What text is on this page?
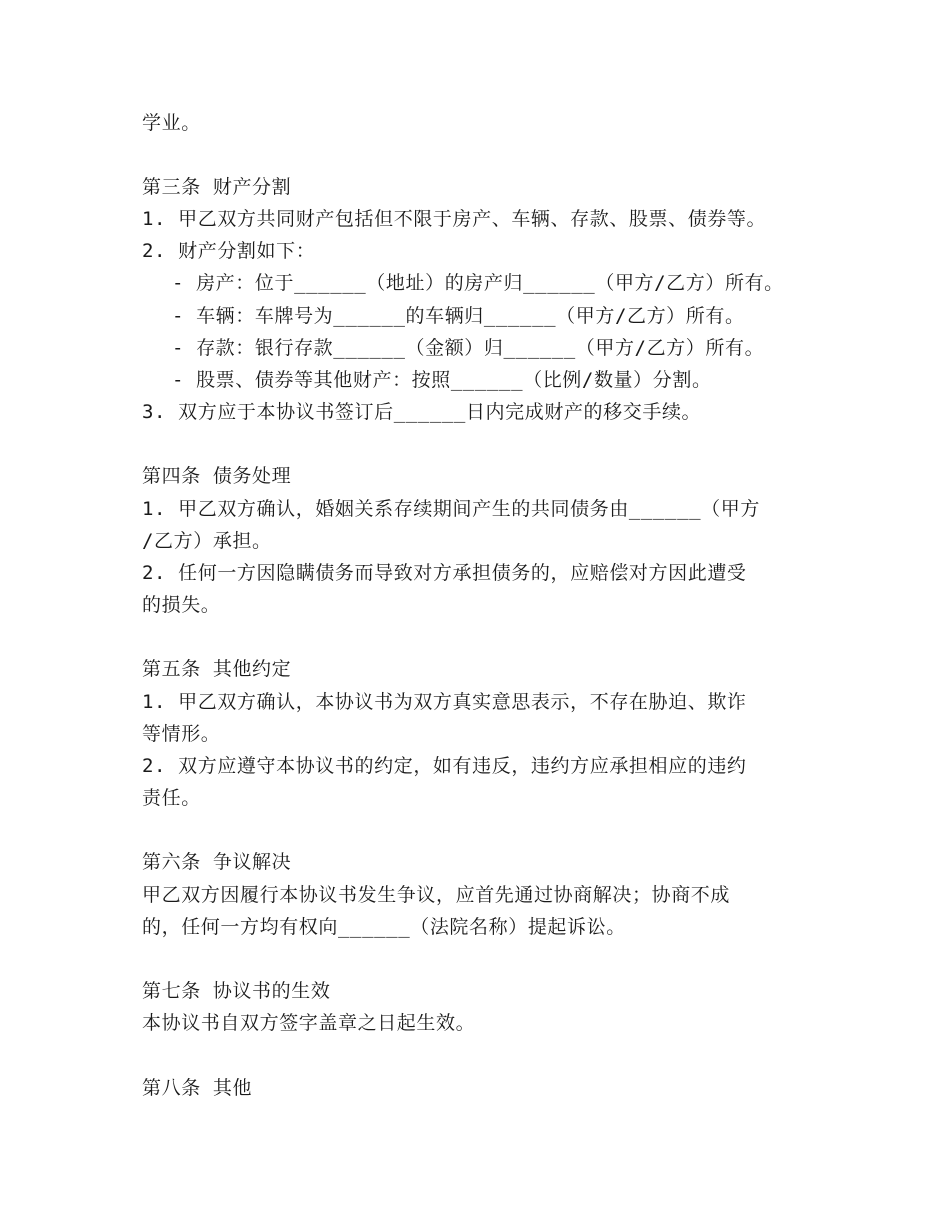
学业。
第三条 财产分割
1. 甲乙双方共同财产包括但不限于房产、车辆、存款、股票、债券等。
2. 财产分割如下：
- 房产：位于______（地址）的房产归______（甲方/乙方）所有。
- 车辆：车牌号为______的车辆归______（甲方/乙方）所有。
- 存款：银行存款______（金额）归______（甲方/乙方）所有。
- 股票、债券等其他财产：按照______（比例/数量）分割。
3. 双方应于本协议书签订后______日内完成财产的移交手续。
第四条 债务处理
1. 甲乙双方确认，婚姻关系存续期间产生的共同债务由______（甲方
/乙方）承担。
2. 任何一方因隐瞒债务而导致对方承担债务的，应赔偿对方因此遭受
的损失。
第五条 其他约定
1. 甲乙双方确认，本协议书为双方真实意思表示，不存在胁迫、欺诈
等情形。
2. 双方应遵守本协议书的约定，如有违反，违约方应承担相应的违约
责任。
第六条 争议解决
甲乙双方因履行本协议书发生争议，应首先通过协商解决；协商不成
的，任何一方均有权向______（法院名称）提起诉讼。
第七条 协议书的生效
本协议书自双方签字盖章之日起生效。
第八条 其他
